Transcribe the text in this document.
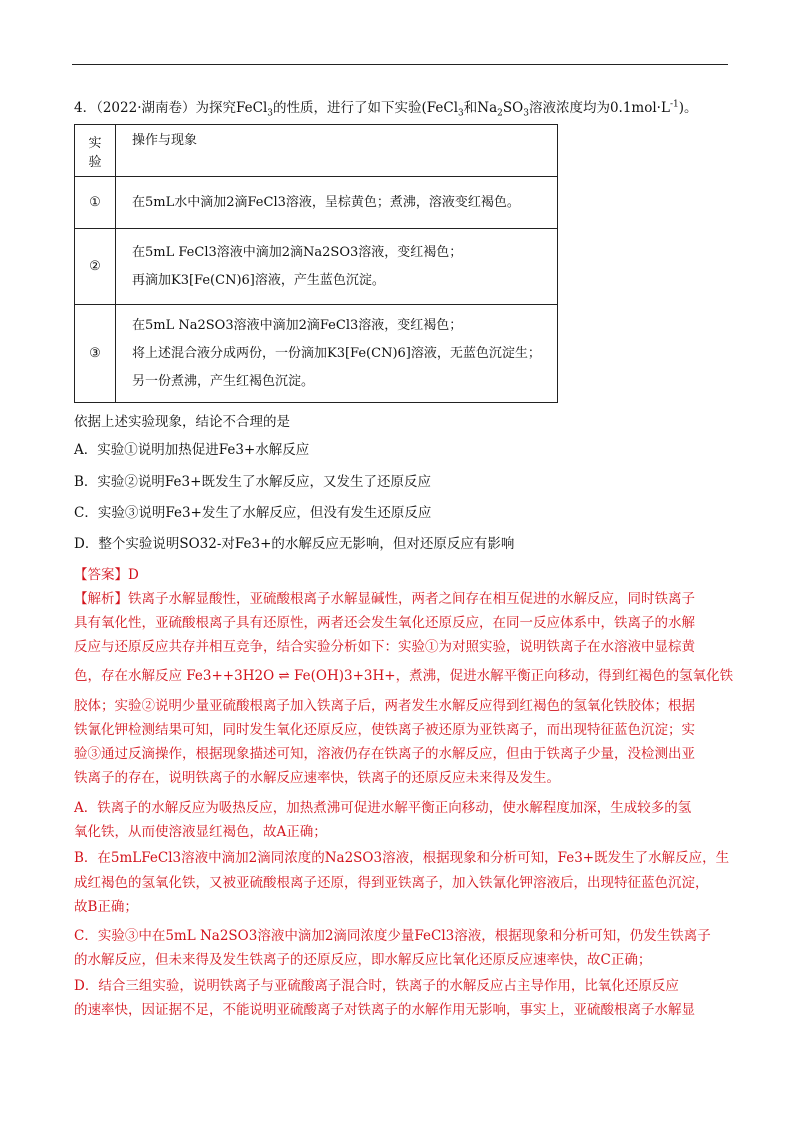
4．（2022·湖南卷）为探究FeCl$_3$的性质，进行了如下实验(FeCl$_3$和$Na_2SO_3$溶液浓度均为$0.1mol\cdot L^{-1}$)。
实
验	操作与现象
①	在5mL水中滴加2滴FeCl3溶液，呈棕黄色；煮沸，溶液变红褐色。

②	在5mL FeCl3溶液中滴加2滴Na2SO3溶液，变红褐色；
再滴加K3[Fe(CN)6]溶液，产生蓝色沉淀。

③	在5mL Na2SO3溶液中滴加2滴FeCl3溶液，变红褐色；
将上述混合液分成两份，一份滴加K3[Fe(CN)6]溶液，无蓝色沉淀生；
另一份煮沸，产生红褐色沉淀。
依据上述实验现象，结论不合理的是
A．实验①说明加热促进Fe3+水解反应
B．实验②说明Fe3+既发生了水解反应，又发生了还原反应
C．实验③说明Fe3+发生了水解反应，但没有发生还原反应
D．整个实验说明SO32-对Fe3+的水解反应无影响，但对还原反应有影响
【答案】D
【解析】铁离子水解显酸性，亚硫酸根离子水解显碱性，两者之间存在相互促进的水解反应，同时铁离子
具有氧化性，亚硫酸根离子具有还原性，两者还会发生氧化还原反应，在同一反应体系中，铁离子的水解
反应与还原反应共存并相互竞争，结合实验分析如下：实验①为对照实验，说明铁离子在水溶液中显棕黄
色，存在水解反应 Fe3++3H2O ⇌ Fe(OH)3+3H+，煮沸，促进水解平衡正向移动，得到红褐色的氢氧化铁
胶体；实验②说明少量亚硫酸根离子加入铁离子后，两者发生水解反应得到红褐色的氢氧化铁胶体；根据
铁氰化钾检测结果可知，同时发生氧化还原反应，使铁离子被还原为亚铁离子，而出现特征蓝色沉淀；实
验③通过反滴操作，根据现象描述可知，溶液仍存在铁离子的水解反应，但由于铁离子少量，没检测出亚
铁离子的存在，说明铁离子的水解反应速率快，铁离子的还原反应未来得及发生。
A．铁离子的水解反应为吸热反应，加热煮沸可促进水解平衡正向移动，使水解程度加深，生成较多的氢
氧化铁，从而使溶液显红褐色，故A正确；
B．在5mLFeCl3溶液中滴加2滴同浓度的Na2SO3溶液，根据现象和分析可知，Fe3+既发生了水解反应，生
成红褐色的氢氧化铁，又被亚硫酸根离子还原，得到亚铁离子，加入铁氰化钾溶液后，出现特征蓝色沉淀，
故B正确；
C．实验③中在5mL Na2SO3溶液中滴加2滴同浓度少量FeCl3溶液，根据现象和分析可知，仍发生铁离子
的水解反应，但未来得及发生铁离子的还原反应，即水解反应比氧化还原反应速率快，故C正确；
D．结合三组实验，说明铁离子与亚硫酸离子混合时，铁离子的水解反应占主导作用，比氧化还原反应
的速率快，因证据不足，不能说明亚硫酸离子对铁离子的水解作用无影响，事实上，亚硫酸根离子水解显
